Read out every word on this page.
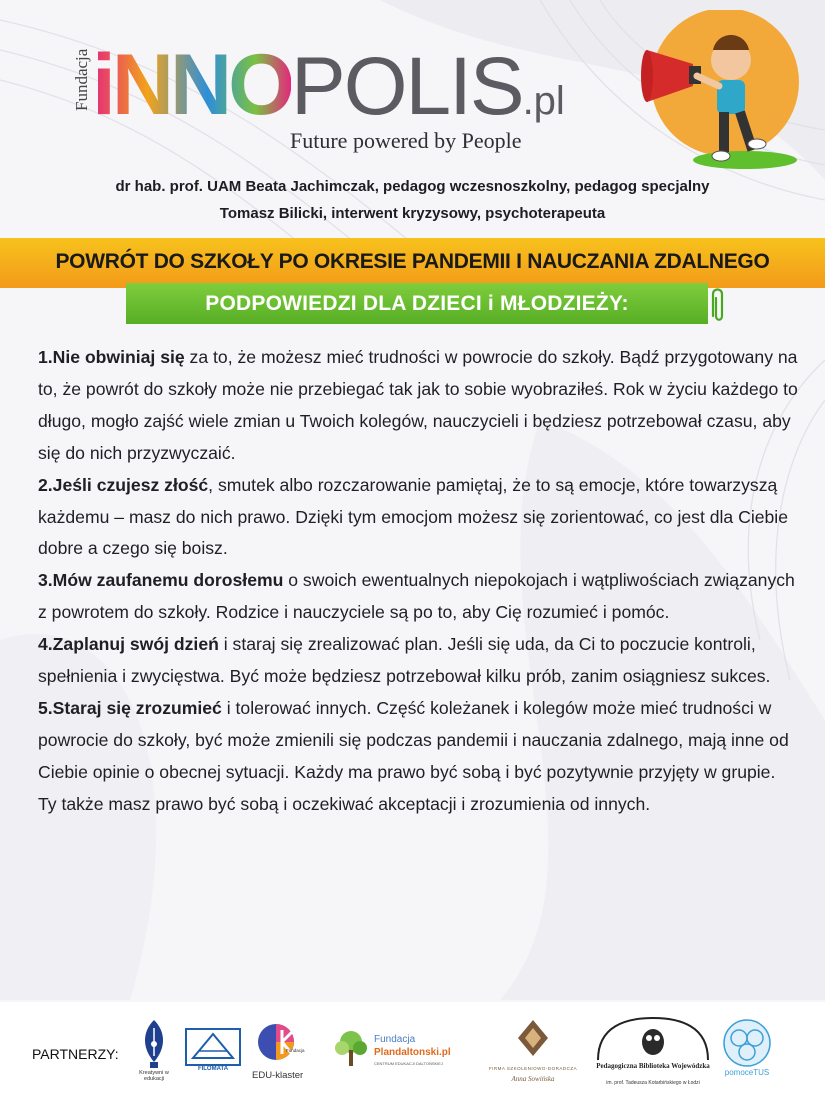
Fundacja iNNOPOLIS.pl
Future powered by People
dr hab. prof. UAM Beata Jachimczak, pedagog wczesnoszkolny, pedagog specjalny
Tomasz Bilicki, interwent kryzysowy, psychoterapeuta
POWRÓT DO SZKOŁY PO OKRESIE PANDEMII I NAUCZANIA ZDALNEGO
PODPOWIEDZI DLA DZIECI i MŁODZIEŻY:

1.Nie obwiniaj się za to, że możesz mieć trudności w powrocie do szkoły. Bądź przygotowany na to, że powrót do szkoły może nie przebiegać tak jak to sobie wyobraziłeś. Rok w życiu każdego to długo, mogło zajść wiele zmian u Twoich kolegów, nauczycieli i będziesz potrzebował czasu, aby się do nich przyzwyczaić.

2.Jeśli czujesz złość, smutek albo rozczarowanie pamiętaj, że to są emocje, które towarzyszą każdemu – masz do nich prawo. Dzięki tym emocjom możesz się zorientować, co jest dla Ciebie dobre a czego się boisz.

3.Mów zaufanemu dorosłemu o swoich ewentualnych niepokojach i wątpliwościach związanych z powrotem do szkoły. Rodzice i nauczyciele są po to, aby Cię rozumieć i pomóc.

4.Zaplanuj swój dzień i staraj się zrealizować plan. Jeśli się uda, da Ci to poczucie kontroli, spełnienia i zwycięstwa. Być może będziesz potrzebował kilku prób, zanim osiągniesz sukces.

5.Staraj się zrozumieć i tolerować innych. Część koleżanek i kolegów może mieć trudności w powrocie do szkoły, być może zmienili się podczas pandemii i nauczania zdalnego, mają inne od Ciebie opinie o obecnej sytuacji. Każdy ma prawo być sobą i być pozytywnie przyjęty w grupie. Ty także masz prawo być sobą i oczekiwać akceptacji i zrozumienia od innych.

PARTNERZY:
Kreatywni w edukacji
FILOMATA
Fundacja
EDU-klaster
Fundacja
Plandaltonski.pl
CENTRUM EDUKACJI DALTOŃSKIEJ
FIRMA SZKOLENIOWO-DORADCZA
Anna Sowińska
Pedagogiczna Biblioteka Wojewódzka
im. prof. Tadeusza Kotarbińskiego w Łodzi
pomoceTUS
